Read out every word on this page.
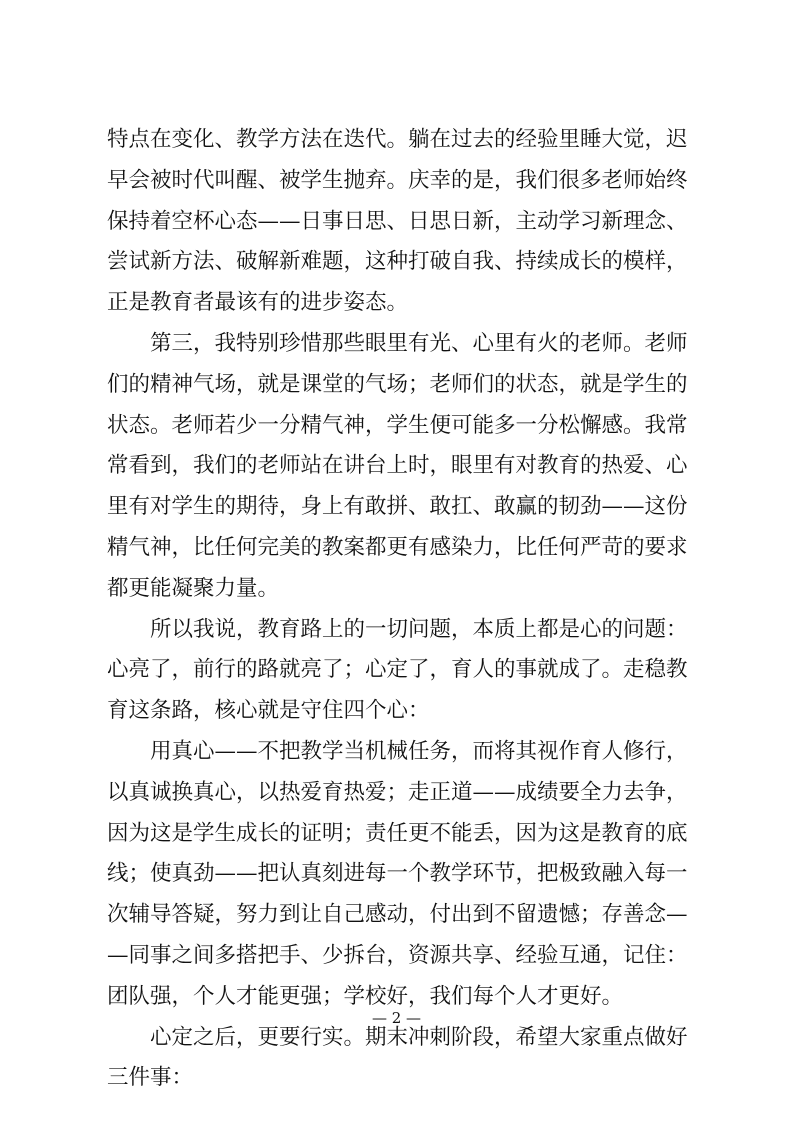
特点在变化、教学方法在迭代。躺在过去的经验里睡大觉，迟
早会被时代叫醒、被学生抛弃。庆幸的是，我们很多老师始终
保持着空杯心态——日事日思、日思日新，主动学习新理念、
尝试新方法、破解新难题，这种打破自我、持续成长的模样，
正是教育者最该有的进步姿态。
第三，我特别珍惜那些眼里有光、心里有火的老师。老师
们的精神气场，就是课堂的气场；老师们的状态，就是学生的
状态。老师若少一分精气神，学生便可能多一分松懈感。我常
常看到，我们的老师站在讲台上时，眼里有对教育的热爱、心
里有对学生的期待，身上有敢拼、敢扛、敢赢的韧劲——这份
精气神，比任何完美的教案都更有感染力，比任何严苛的要求
都更能凝聚力量。
所以我说，教育路上的一切问题，本质上都是心的问题：
心亮了，前行的路就亮了；心定了，育人的事就成了。走稳教
育这条路，核心就是守住四个心：
用真心——不把教学当机械任务，而将其视作育人修行，
以真诚换真心，以热爱育热爱；走正道——成绩要全力去争，
因为这是学生成长的证明；责任更不能丢，因为这是教育的底
线；使真劲——把认真刻进每一个教学环节，把极致融入每一
次辅导答疑，努力到让自己感动，付出到不留遗憾；存善念—
—同事之间多搭把手、少拆台，资源共享、经验互通，记住：
团队强，个人才能更强；学校好，我们每个人才更好。
心定之后，更要行实。期末冲刺阶段，希望大家重点做好
三件事：
— 2 —
